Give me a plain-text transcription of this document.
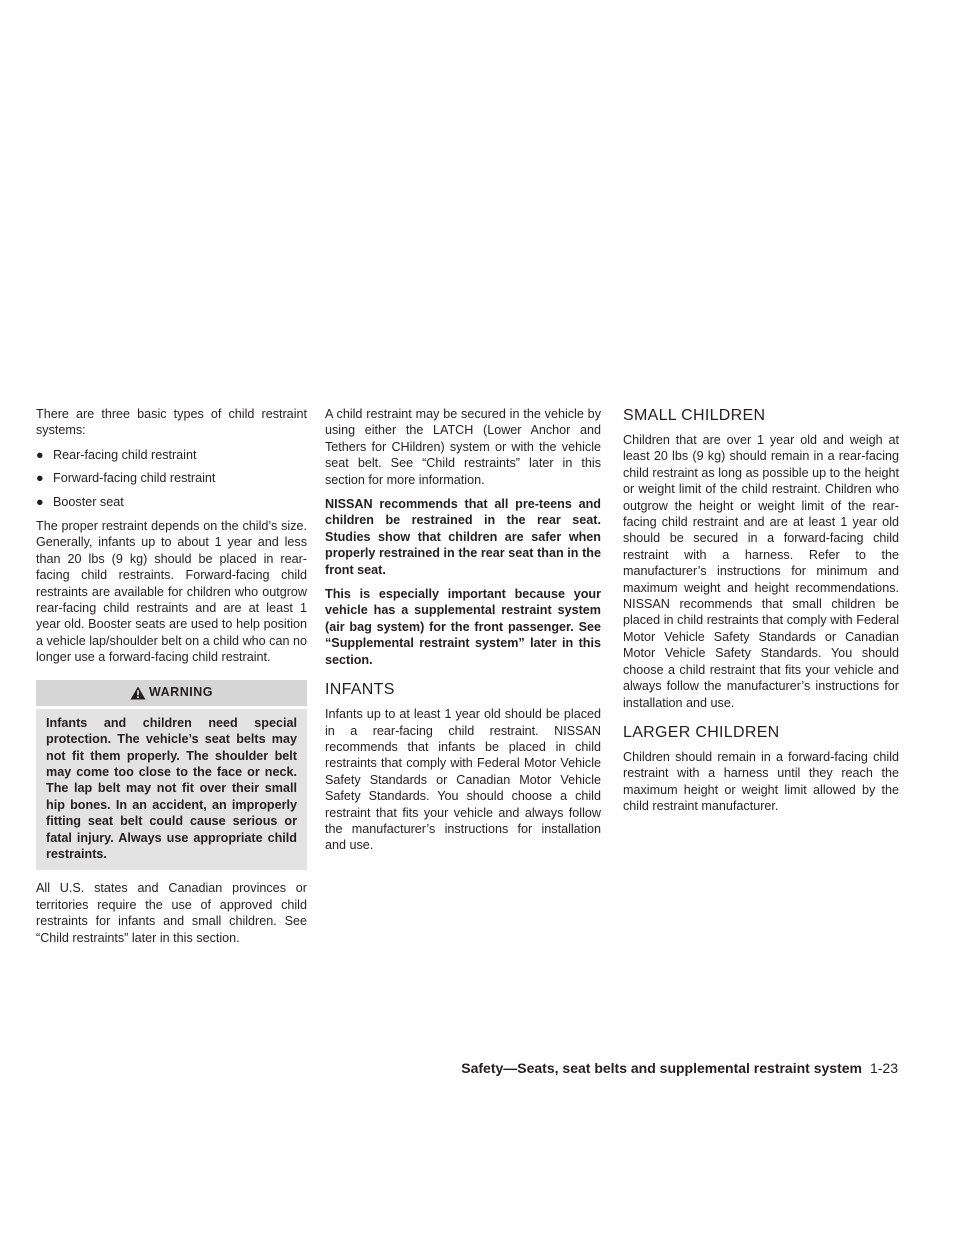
There are three basic types of child restraint systems:

● Rear-facing child restraint
● Forward-facing child restraint
● Booster seat

The proper restraint depends on the child’s size. Generally, infants up to about 1 year and less than 20 lbs (9 kg) should be placed in rear-facing child restraints. Forward-facing child restraints are available for children who outgrow rear-facing child restraints and are at least 1 year old. Booster seats are used to help position a vehicle lap/shoulder belt on a child who can no longer use a forward-facing child restraint.

WARNING
Infants and children need special protection. The vehicle’s seat belts may not fit them properly. The shoulder belt may come too close to the face or neck. The lap belt may not fit over their small hip bones. In an accident, an improperly fitting seat belt could cause serious or fatal injury. Always use appropriate child restraints.

All U.S. states and Canadian provinces or territories require the use of approved child restraints for infants and small children. See “Child restraints” later in this section.

A child restraint may be secured in the vehicle by using either the LATCH (Lower Anchor and Tethers for CHildren) system or with the vehicle seat belt. See “Child restraints” later in this section for more information.

NISSAN recommends that all pre-teens and children be restrained in the rear seat. Studies show that children are safer when properly restrained in the rear seat than in the front seat.

This is especially important because your vehicle has a supplemental restraint system (air bag system) for the front passenger. See “Supplemental restraint system” later in this section.

INFANTS

Infants up to at least 1 year old should be placed in a rear-facing child restraint. NISSAN recommends that infants be placed in child restraints that comply with Federal Motor Vehicle Safety Standards or Canadian Motor Vehicle Safety Standards. You should choose a child restraint that fits your vehicle and always follow the manufacturer’s instructions for installation and use.

SMALL CHILDREN

Children that are over 1 year old and weigh at least 20 lbs (9 kg) should remain in a rear-facing child restraint as long as possible up to the height or weight limit of the child restraint. Children who outgrow the height or weight limit of the rear-facing child restraint and are at least 1 year old should be secured in a forward-facing child restraint with a harness. Refer to the manufacturer’s instructions for minimum and maximum weight and height recommendations. NISSAN recommends that small children be placed in child restraints that comply with Federal Motor Vehicle Safety Standards or Canadian Motor Vehicle Safety Standards. You should choose a child restraint that fits your vehicle and always follow the manufacturer’s instructions for installation and use.

LARGER CHILDREN

Children should remain in a forward-facing child restraint with a harness until they reach the maximum height or weight limit allowed by the child restraint manufacturer.

Safety—Seats, seat belts and supplemental restraint system 1-23
